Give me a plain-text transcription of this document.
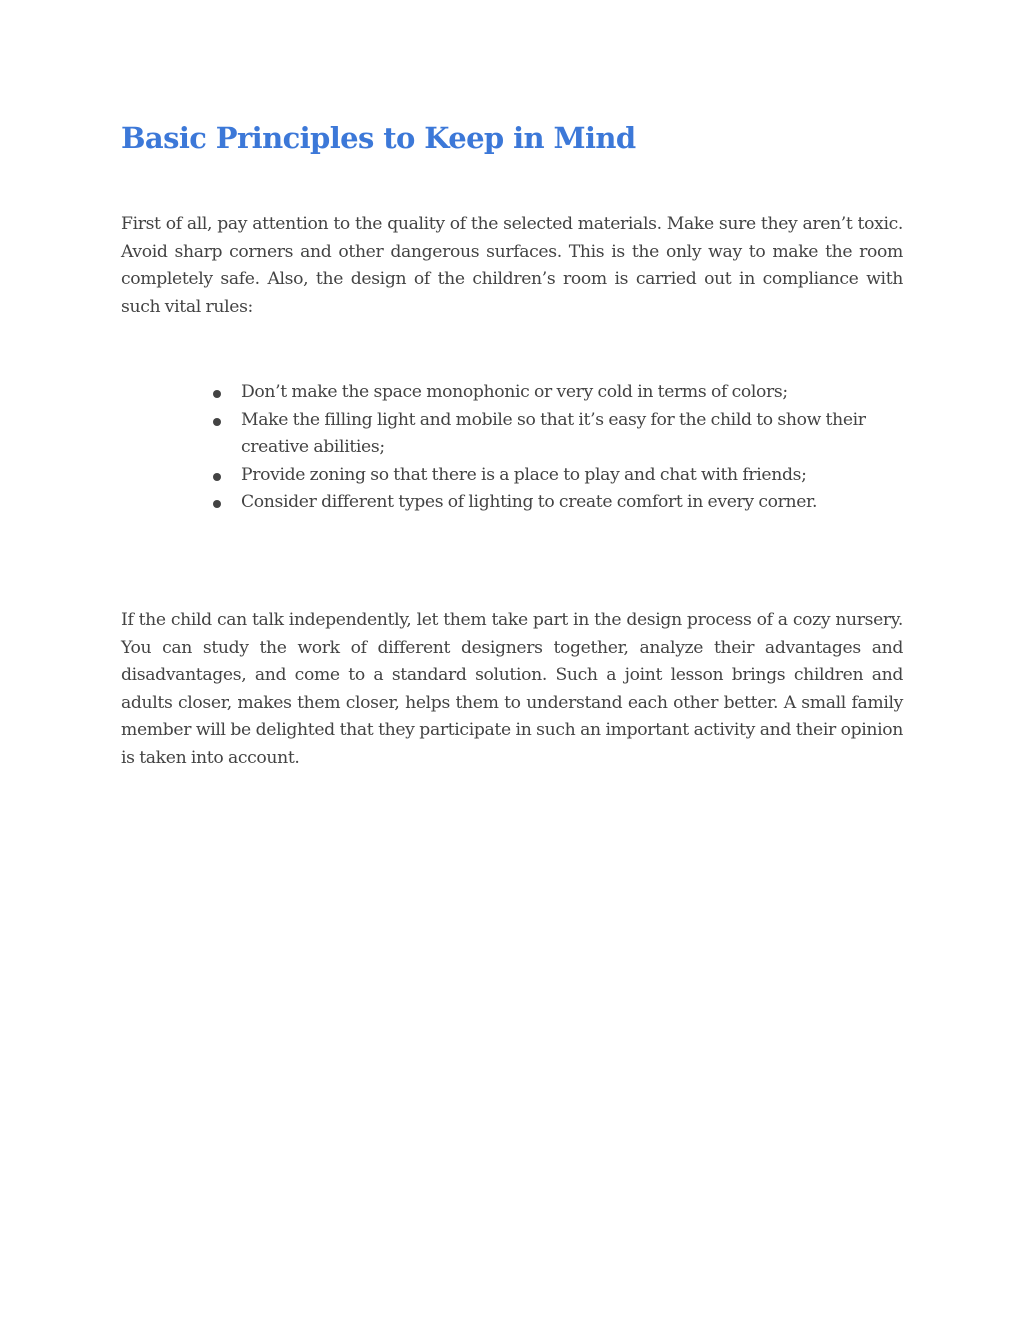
Basic Principles to Keep in Mind

First of all, pay attention to the quality of the selected materials. Make sure they aren’t toxic. Avoid sharp corners and other dangerous surfaces. This is the only way to make the room completely safe. Also, the design of the children’s room is carried out in compliance with such vital rules:

Don’t make the space monophonic or very cold in terms of colors;
Make the filling light and mobile so that it’s easy for the child to show their creative abilities;
Provide zoning so that there is a place to play and chat with friends;
Consider different types of lighting to create comfort in every corner.

If the child can talk independently, let them take part in the design process of a cozy nursery. You can study the work of different designers together, analyze their advantages and disadvantages, and come to a standard solution. Such a joint lesson brings children and adults closer, makes them closer, helps them to understand each other better. A small family member will be delighted that they participate in such an important activity and their opinion is taken into account.
